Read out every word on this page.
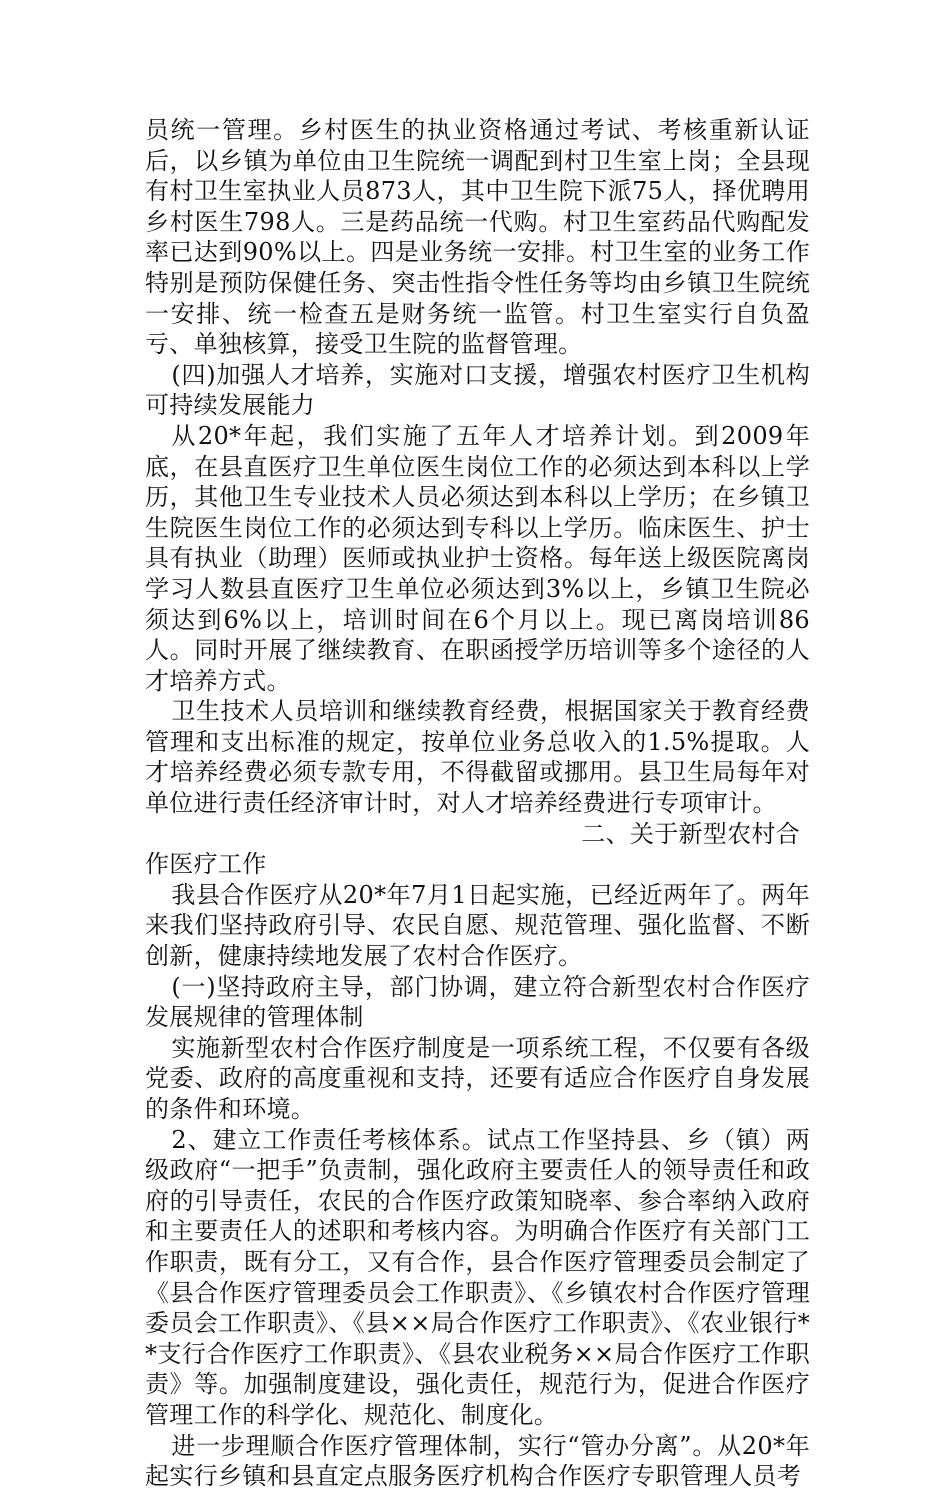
员统一管理。乡村医生的执业资格通过考试、考核重新认证后，以乡镇为单位由卫生院统一调配到村卫生室上岗；全县现有村卫生室执业人员873人，其中卫生院下派75人，择优聘用乡村医生798人。三是药品统一代购。村卫生室药品代购配发率已达到90%以上。四是业务统一安排。村卫生室的业务工作特别是预防保健任务、突击性指令性任务等均由乡镇卫生院统一安排、统一检查五是财务统一监管。村卫生室实行自负盈亏、单独核算，接受卫生院的监督管理。

(四)加强人才培养，实施对口支援，增强农村医疗卫生机构可持续发展能力

从20*年起，我们实施了五年人才培养计划。到2009年底，在县直医疗卫生单位医生岗位工作的必须达到本科以上学历，其他卫生专业技术人员必须达到本科以上学历；在乡镇卫生院医生岗位工作的必须达到专科以上学历。临床医生、护士具有执业（助理）医师或执业护士资格。每年送上级医院离岗学习人数县直医疗卫生单位必须达到3%以上，乡镇卫生院必须达到6%以上，培训时间在6个月以上。现已离岗培训86人。同时开展了继续教育、在职函授学历培训等多个途径的人才培养方式。

卫生技术人员培训和继续教育经费，根据国家关于教育经费管理和支出标准的规定，按单位业务总收入的1.5%提取。人才培养经费必须专款专用，不得截留或挪用。县卫生局每年对单位进行责任经济审计时，对人才培养经费进行专项审计。

二、关于新型农村合

作医疗工作

我县合作医疗从20*年7月1日起实施，已经近两年了。两年来我们坚持政府引导、农民自愿、规范管理、强化监督、不断创新，健康持续地发展了农村合作医疗。

(一)坚持政府主导，部门协调，建立符合新型农村合作医疗发展规律的管理体制

实施新型农村合作医疗制度是一项系统工程，不仅要有各级党委、政府的高度重视和支持，还要有适应合作医疗自身发展的条件和环境。

2、建立工作责任考核体系。试点工作坚持县、乡（镇）两级政府“一把手”负责制，强化政府主要责任人的领导责任和政府的引导责任，农民的合作医疗政策知晓率、参合率纳入政府和主要责任人的述职和考核内容。为明确合作医疗有关部门工作职责，既有分工，又有合作，县合作医疗管理委员会制定了《县合作医疗管理委员会工作职责》、《乡镇农村合作医疗管理委员会工作职责》、《县××局合作医疗工作职责》、《农业银行**支行合作医疗工作职责》、《县农业税务××局合作医疗工作职责》等。加强制度建设，强化责任，规范行为，促进合作医疗管理工作的科学化、规范化、制度化。

进一步理顺合作医疗管理体制，实行“管办分离”。从20*年起实行乡镇和县直定点服务医疗机构合作医疗专职管理人员考
